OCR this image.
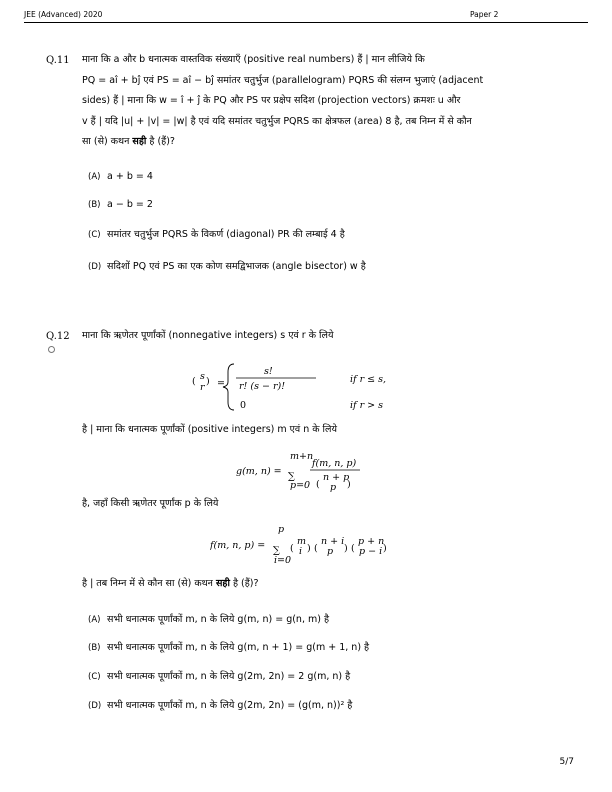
JEE (Advanced) 2020	Paper 2
Q.11 माना कि a और b धनात्मक वास्तविक संख्याएँ (positive real numbers) हैं | मान लीजिये कि
PQ = aî + bĵ एवं PS = aî − bĵ समांतर चतुर्भुज (parallelogram) PQRS की संलग्न भुजाएं (adjacent
sides) हैं | माना कि w = î + ĵ के PQ और PS पर प्रक्षेप सदिश (projection vectors) क्रमशः u और
v हैं | यदि |u| + |v| = |w| है एवं यदि समांतर चतुर्भुज PQRS का क्षेत्रफल (area) 8 है, तब निम्न में से कौन
सा (से) कथन सही है (हैं)?
(A) a + b = 4
(B) a − b = 2
(C) समांतर चतुर्भुज PQRS के विकर्ण (diagonal) PR की लम्बाई 4 है
(D) सदिशों PQ एवं PS का एक कोण समद्विभाजक (angle bisector) w है
Q.12 माना कि ऋणेतर पूर्णांकों (nonnegative integers) s एवं r के लिये
( s
r
) =
s!
r! (s − r)!
if r ≤ s,
0	if r > s
है | माना कि धनात्मक पूर्णांकों (positive integers) m एवं n के लिये
g(m, n) =
m+n
∑
p=0
f(m, n, p)
(
n + p
p )
है, जहाँ किसी ऋणेतर पूर्णांक p के लिये
f(m, n, p) =
p
∑
i=0
(
m
i ) (
n + i
p ) (
p + n
p − i )
है | तब निम्न में से कौन सा (से) कथन सही है (हैं)?
(A) सभी धनात्मक पूर्णांकों m, n के लिये g(m, n) = g(n, m) है
(B) सभी धनात्मक पूर्णांकों m, n के लिये g(m, n + 1) = g(m + 1, n) है
(C) सभी धनात्मक पूर्णांकों m, n के लिये g(2m, 2n) = 2 g(m, n) है
(D) सभी धनात्मक पूर्णांकों m, n के लिये g(2m, 2n) = (g(m, n))² है
5/7
